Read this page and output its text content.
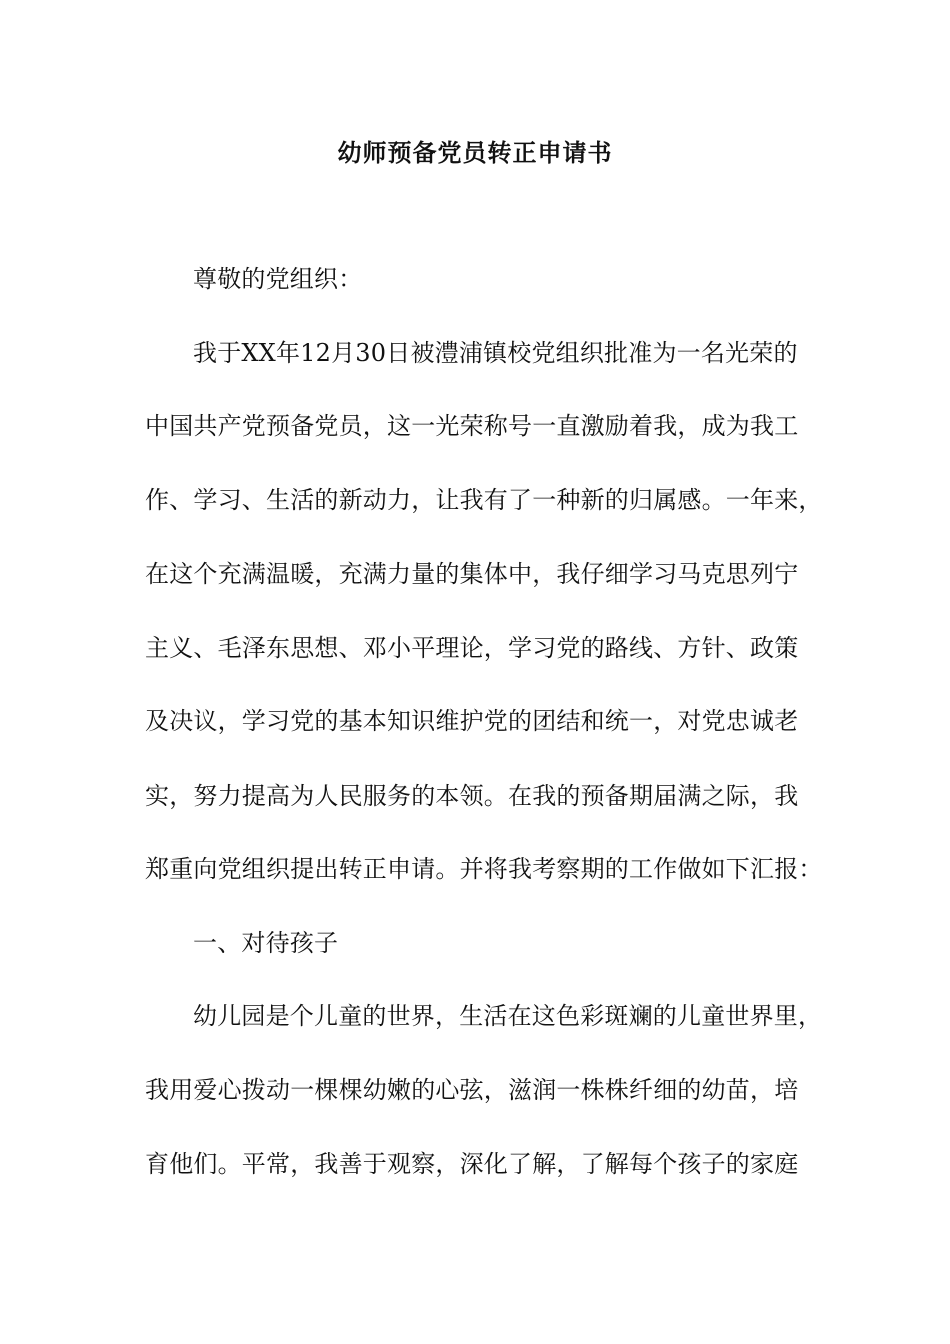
幼师预备党员转正申请书
尊敬的党组织：
我于XX年12月30日被澧浦镇校党组织批准为一名光荣的
中国共产党预备党员，这一光荣称号一直激励着我，成为我工
作、学习、生活的新动力，让我有了一种新的归属感。一年来，
在这个充满温暖，充满力量的集体中，我仔细学习马克思列宁
主义、毛泽东思想、邓小平理论，学习党的路线、方针、政策
及决议，学习党的基本知识维护党的团结和统一，对党忠诚老
实，努力提高为人民服务的本领。在我的预备期届满之际，我
郑重向党组织提出转正申请。并将我考察期的工作做如下汇报：
一、对待孩子
幼儿园是个儿童的世界，生活在这色彩斑斓的儿童世界里，
我用爱心拨动一棵棵幼嫩的心弦，滋润一株株纤细的幼苗，培
育他们。平常，我善于观察，深化了解，了解每个孩子的家庭
